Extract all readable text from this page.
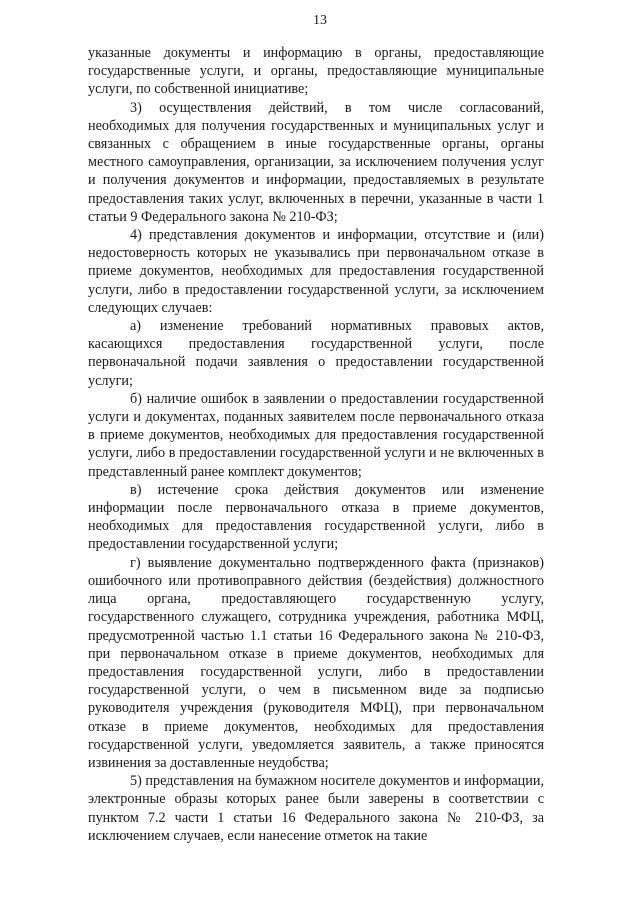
13

указанные документы и информацию в органы, предоставляющие государственные услуги, и органы, предоставляющие муниципальные услуги, по собственной инициативе;

3) осуществления действий, в том числе согласований, необходимых для получения государственных и муниципальных услуг и связанных с обращением в иные государственные органы, органы местного самоуправления, организации, за исключением получения услуг и получения документов и информации, предоставляемых в результате предоставления таких услуг, включенных в перечни, указанные в части 1 статьи 9 Федерального закона № 210-ФЗ;

4) представления документов и информации, отсутствие и (или) недостоверность которых не указывались при первоначальном отказе в приеме документов, необходимых для предоставления государственной услуги, либо в предоставлении государственной услуги, за исключением следующих случаев:

а) изменение требований нормативных правовых актов, касающихся предоставления государственной услуги, после первоначальной подачи заявления о предоставлении государственной услуги;

б) наличие ошибок в заявлении о предоставлении государственной услуги и документах, поданных заявителем после первоначального отказа в приеме документов, необходимых для предоставления государственной услуги, либо в предоставлении государственной услуги и не включенных в представленный ранее комплект документов;

в) истечение срока действия документов или изменение информации после первоначального отказа в приеме документов, необходимых для предоставления государственной услуги, либо в предоставлении государственной услуги;

г) выявление документально подтвержденного факта (признаков) ошибочного или противоправного действия (бездействия) должностного лица органа, предоставляющего государственную услугу, государственного служащего, сотрудника учреждения, работника МФЦ, предусмотренной частью 1.1 статьи 16 Федерального закона № 210-ФЗ, при первоначальном отказе в приеме документов, необходимых для предоставления государственной услуги, либо в предоставлении государственной услуги, о чем в письменном виде за подписью руководителя учреждения (руководителя МФЦ), при первоначальном отказе в приеме документов, необходимых для предоставления государственной услуги, уведомляется заявитель, а также приносятся извинения за доставленные неудобства;

5) представления на бумажном носителе документов и информации, электронные образы которых ранее были заверены в соответствии с пунктом 7.2 части 1 статьи 16 Федерального закона № 210-ФЗ, за исключением случаев, если нанесение отметок на такие
